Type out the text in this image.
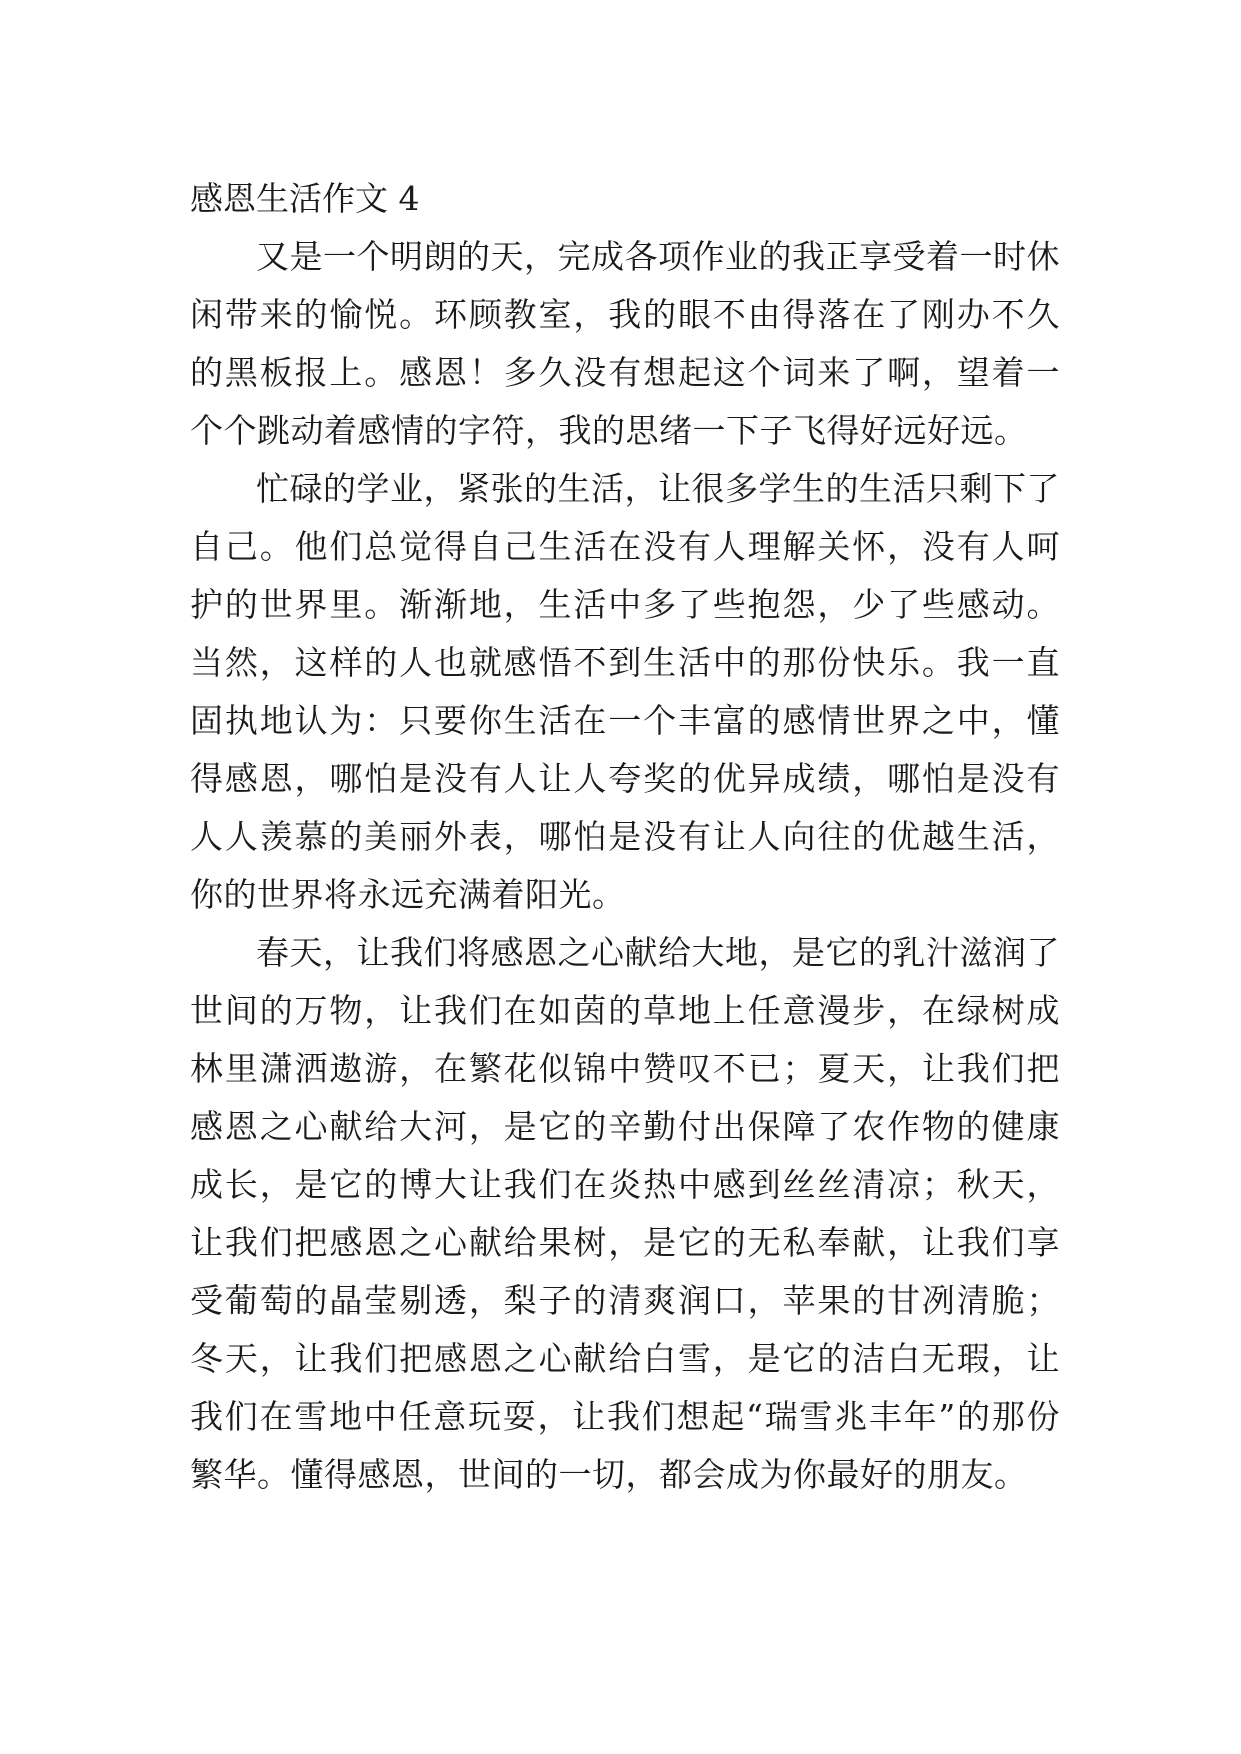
感恩生活作文 4

又是一个明朗的天，完成各项作业的我正享受着一时休闲带来的愉悦。环顾教室，我的眼不由得落在了刚办不久的黑板报上。感恩！多久没有想起这个词来了啊，望着一个个跳动着感情的字符，我的思绪一下子飞得好远好远。

忙碌的学业，紧张的生活，让很多学生的生活只剩下了自己。他们总觉得自己生活在没有人理解关怀，没有人呵护的世界里。渐渐地，生活中多了些抱怨，少了些感动。当然，这样的人也就感悟不到生活中的那份快乐。我一直固执地认为：只要你生活在一个丰富的感情世界之中，懂得感恩，哪怕是没有人让人夸奖的优异成绩，哪怕是没有人人羡慕的美丽外表，哪怕是没有让人向往的优越生活，你的世界将永远充满着阳光。

春天，让我们将感恩之心献给大地，是它的乳汁滋润了世间的万物，让我们在如茵的草地上任意漫步，在绿树成林里潇洒遨游，在繁花似锦中赞叹不已；夏天，让我们把感恩之心献给大河，是它的辛勤付出保障了农作物的健康成长，是它的博大让我们在炎热中感到丝丝清凉；秋天，让我们把感恩之心献给果树，是它的无私奉献，让我们享受葡萄的晶莹剔透，梨子的清爽润口，苹果的甘冽清脆；冬天，让我们把感恩之心献给白雪，是它的洁白无瑕，让我们在雪地中任意玩耍，让我们想起“瑞雪兆丰年”的那份繁华。懂得感恩，世间的一切，都会成为你最好的朋友。
